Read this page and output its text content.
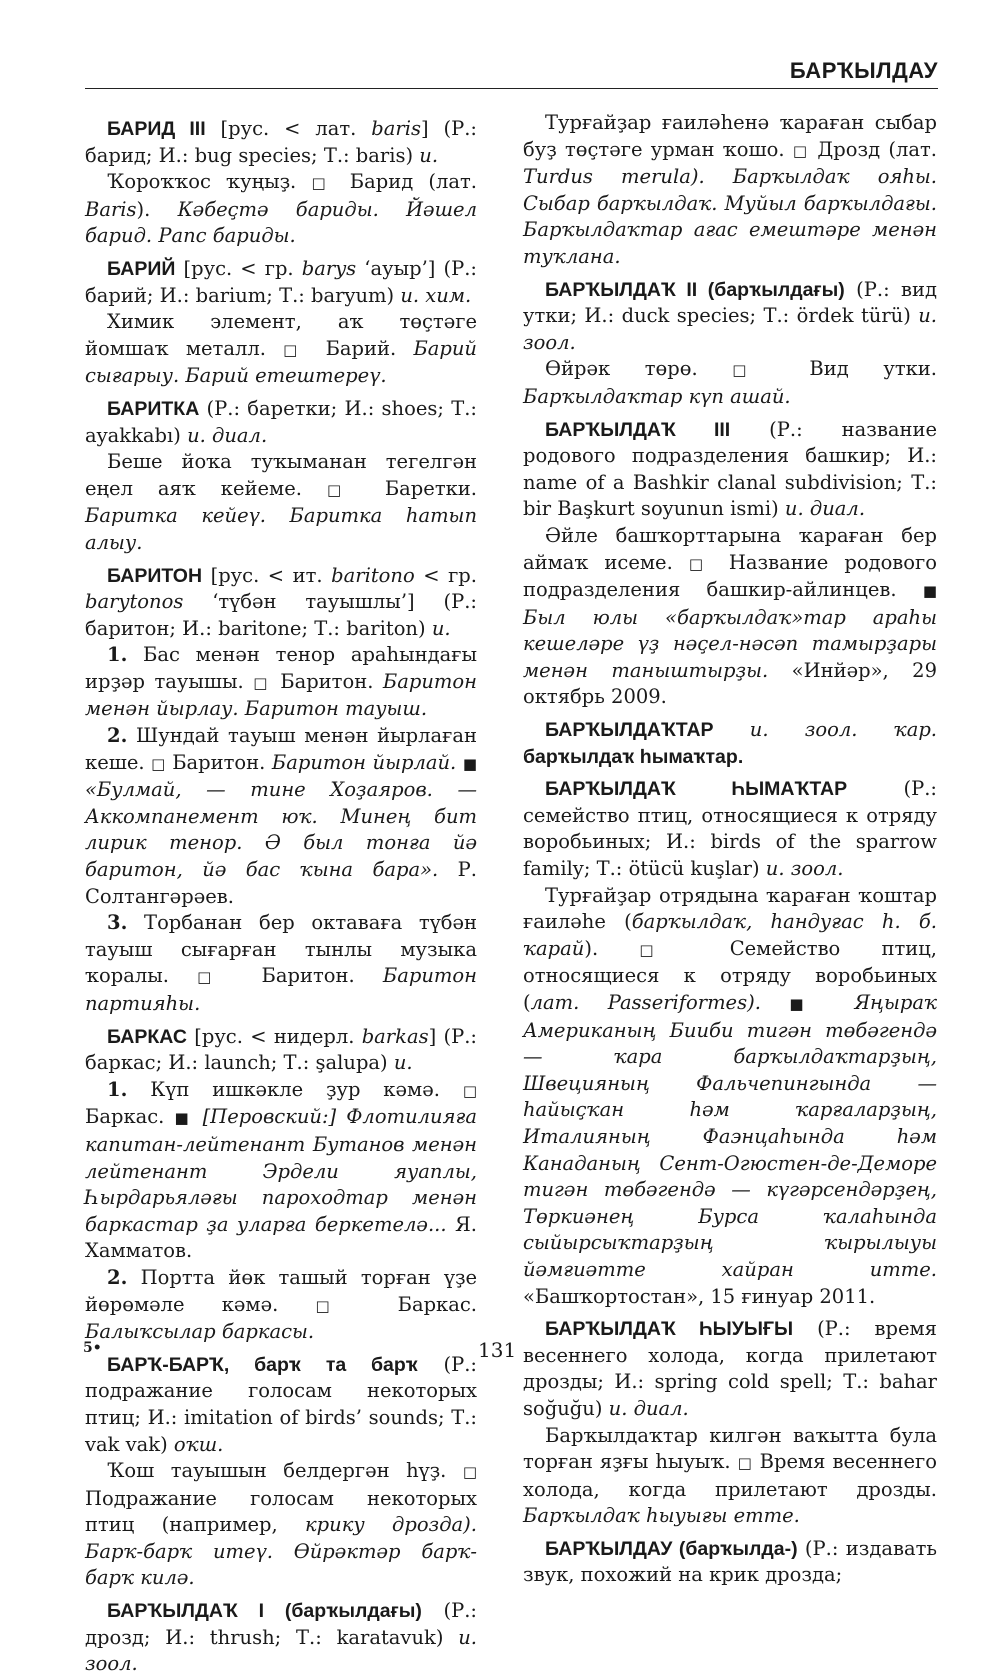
БАРҠЫЛДАУ

БАРИД III [рус. < лат. baris] (Р.: барид; И.: bug species; Т.: baris) и.

Ҡороҡҡос ҡуңыҙ. □ Барид (лат. Baris). Кәбеҫтә бариды. Йәшел барид. Рапс бариды.

БАРИЙ [рус. < гр. barys ‘ауыр’] (Р.: барий; И.: barium; Т.: baryum) и. хим.

Химик элемент, аҡ төҫтәге йомшаҡ металл. □ Барий. Барий сығарыу. Барий етештереү.

БАРИТКА (Р.: баретки; И.: shoes; Т.: ayakkabı) и. диал.

Беше йоҡа туҡыманан тегелгән еңел аяҡ кейеме. □ Баретки. Баритка кейеү. Баритка һатып алыу.

БАРИТОН [рус. < ит. baritono < гр. barytonos ‘түбән тауышлы’] (Р.: баритон; И.: baritone; Т.: bariton) и.

1. Бас менән тенор араһындағы ирҙәр тауышы. □ Баритон. Баритон менән йырлау. Баритон тауыш.

2. Шундай тауыш менән йырлаған кеше. □ Баритон. Баритон йырлай. ■ «Булмай, — тине Хоҙаяров. — Аккомпанемент юҡ. Минең бит лирик тенор. Ә был тонға йә баритон, йә бас ҡына бара». Р. Солтангәрәев.

3. Торбанан бер октаваға түбән тауыш сығарған тынлы музыка ҡоралы. □ Баритон. Баритон партияһы.

БАРКАС [рус. < нидерл. barkas] (Р.: баркас; И.: launch; Т.: şalupa) и.

1. Күп ишкәкле ҙур кәмә. □ Баркас. ■ [Перовский:] Флотилияға капитан-лейтенант Бутанов менән лейтенант Эрдели яуаплы, Һырдарьяләғы пароходтар менән баркастар ҙа уларға беркетелә... Я. Хамматов.

2. Портта йөк ташый торған үҙе йөрөмәле кәмә. □ Баркас. Балыҡсылар баркасы.

БАРҠ-БАРҠ, барҡ та барҡ (Р.: подражание голосам некоторых птиц; И.: imitation of birds’ sounds; Т.: vak vak) оҡш.

Ҡош тауышын белдергән һүҙ. □ Подражание голосам некоторых птиц (например, крику дрозда). Барҡ-барҡ итеү. Өйрәктәр барҡ-барҡ килә.

БАРҠЫЛДАҠ I (барҡылдағы) (Р.: дрозд; И.: thrush; Т.: karatavuk) и. зоол.

Турғайҙар ғаиләһенә ҡараған сыбар буҙ төҫтәге урман ҡошо. □ Дрозд (лат. Turdus merula). Барҡылдаҡ ояһы. Сыбар барҡылдаҡ. Муйыл барҡылдағы. Барҡылдаҡтар ағас емештәре менән туҡлана.

БАРҠЫЛДАҠ II (барҡылдағы) (Р.: вид утки; И.: duck species; Т.: ördek türü) и. зоол.

Өйрәк төрө. □ Вид утки. Барҡылдаҡтар күп ашай.

БАРҠЫЛДАҠ III (Р.: название родового подразделения башкир; И.: name of a Bashkir clanal subdivision; Т.: bir Başkurt soyunun ismi) и. диал.

Әйле башҡорттарына ҡараған бер аймаҡ исеме. □ Название родового подразделения башкир-айлинцев. ■ Был юлы «барҡылдаҡ»тар араһы кешеләре үҙ нәҫел-нәсәп тамырҙары менән таныштырҙы. «Инйәр», 29 октябрь 2009.

БАРҠЫЛДАҠТАР и. зоол. ҡар. барҡылдаҡ һымаҡтар.

БАРҠЫЛДАҠ ҺЫМАҠТАР (Р.: семейство птиц, относящиеся к отряду воробьиных; И.: birds of the sparrow family; Т.: ötücü kuşlar) и. зоол.

Турғайҙар отрядына ҡараған ҡоштар ғаиләһе (барҡылдаҡ, һандуғас һ. б. ҡарай). □ Семейство птиц, относящиеся к отряду воробьиных (лат. Passeriformes). ■ Яңыраҡ Американың Бииби тигән төбәгендә — ҡара барҡылдаҡтарҙың, Швецияның Фальчепингында — һайыҫҡан һәм ҡарғаларҙың, Италияның Фаэнцаһында һәм Канаданың Сент-Огюстен-де-Деморе тигән төбәгендә — күгәрсендәрҙең, Төркиәнең Бурса ҡалаһында сыйырсыҡтарҙың ҡырылыуы йәмғиәтте хайран итте. «Башҡортостан», 15 ғинуар 2011.

БАРҠЫЛДАҠ ҺЫУЫҒЫ (Р.: время весеннего холода, когда прилетают дрозды; И.: spring cold spell; Т.: bahar soğuğu) и. диал.

Барҡылдаҡтар килгән ваҡытта була торған яҙғы һыуыҡ. □ Время весеннего холода, когда прилетают дрозды. Барҡылдаҡ һыуығы етте.

БАРҠЫЛДАУ (барҡылда-) (Р.: издавать звук, похожий на крик дрозда;

5•	131
